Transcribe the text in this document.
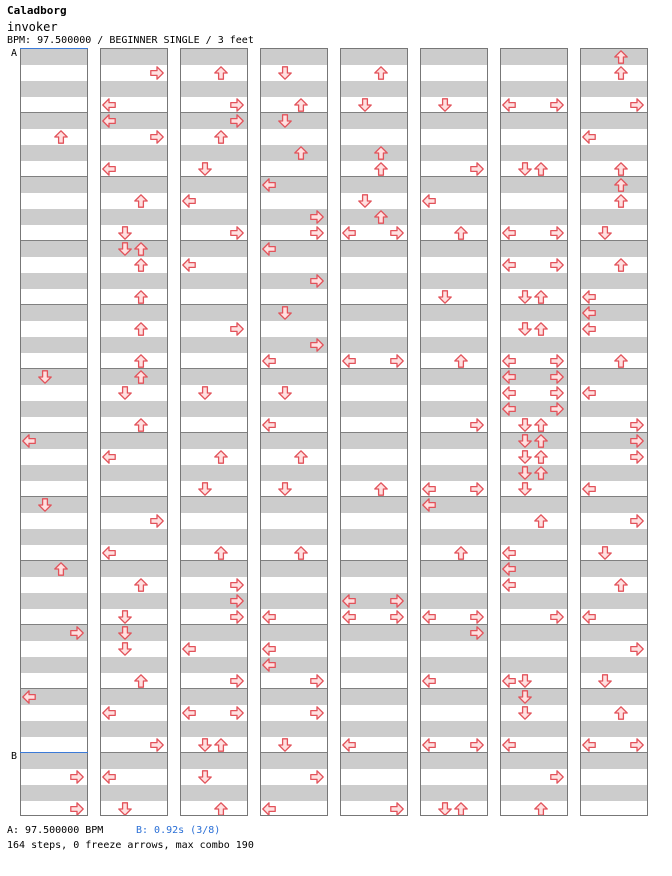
Caladborg
invoker
BPM: 97.500000 / BEGINNER SINGLE / 3 feet
A
B
A: 97.500000 BPM	B: 0.92s (3/8)
164 steps, 0 freeze arrows, max combo 190
